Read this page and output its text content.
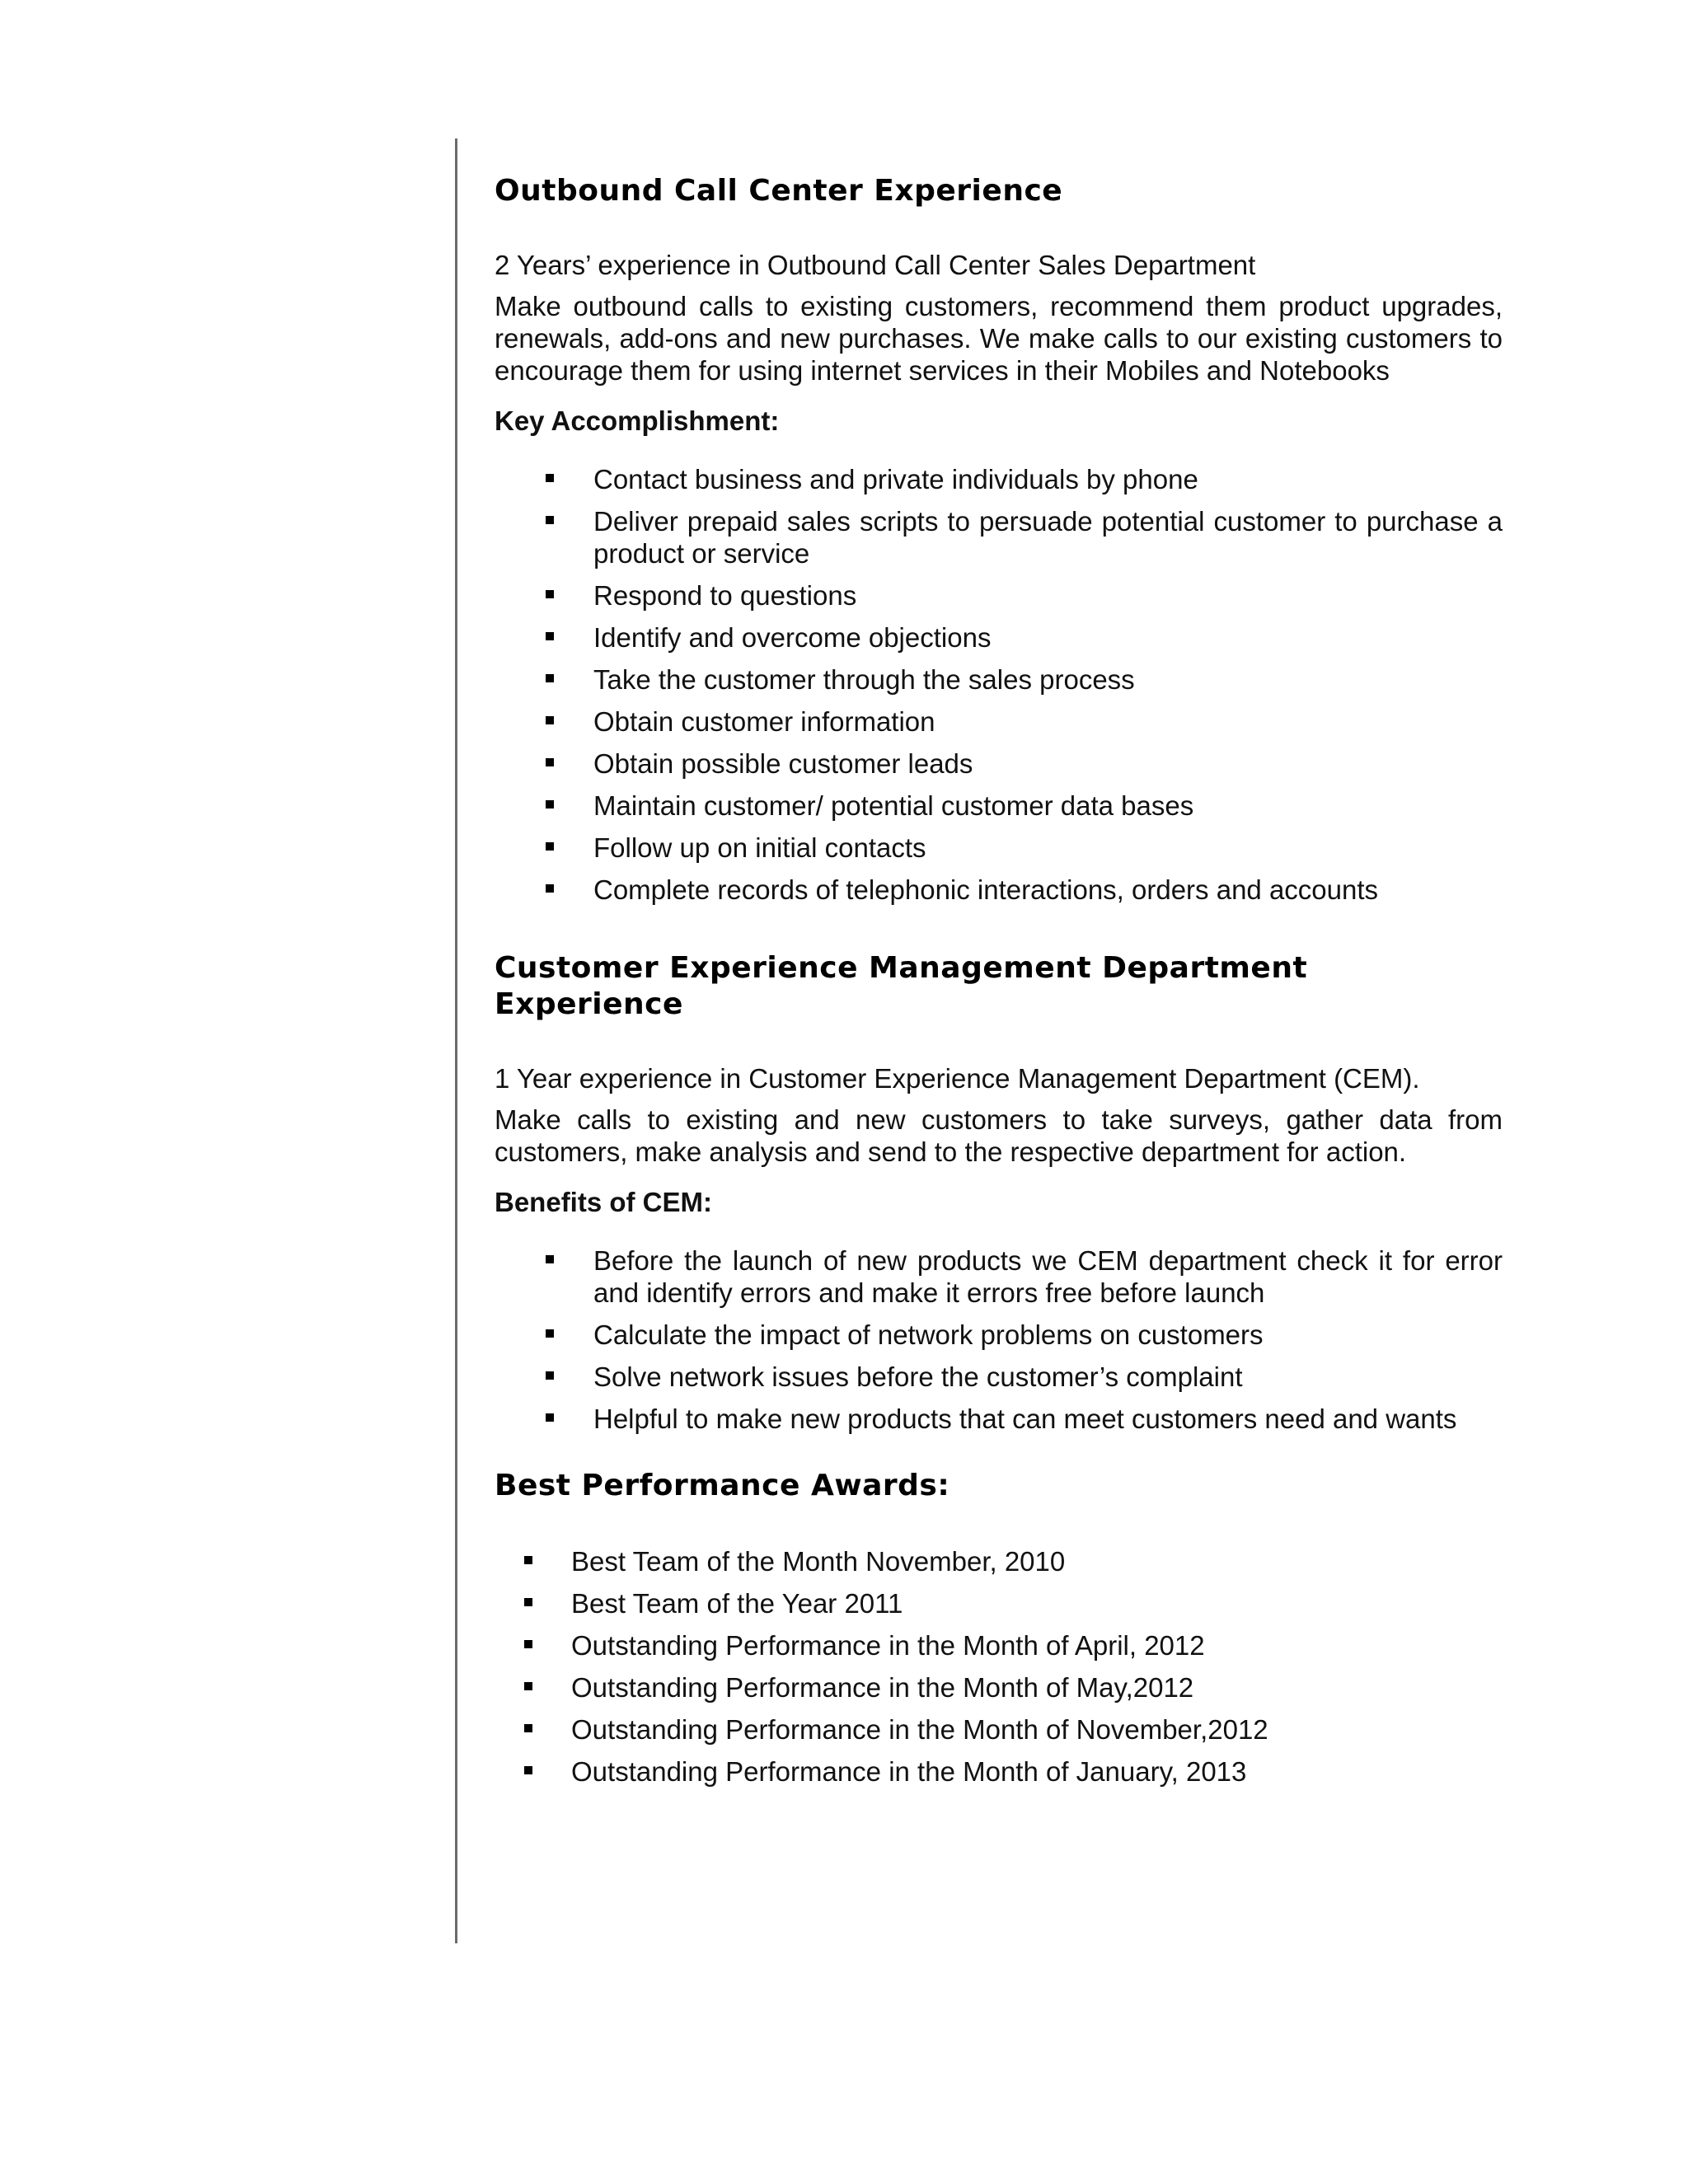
Outbound Call Center Experience

2 Years’ experience in Outbound Call Center Sales Department

Make outbound calls to existing customers, recommend them product upgrades, renewals, add-ons and new purchases. We make calls to our existing customers to encourage them for using internet services in their Mobiles and Notebooks

Key Accomplishment:

Contact business and private individuals by phone
Deliver prepaid sales scripts to persuade potential customer to purchase a product or service
Respond to questions
Identify and overcome objections
Take the customer through the sales process
Obtain customer information
Obtain possible customer leads
Maintain customer/ potential customer data bases
Follow up on initial contacts
Complete records of telephonic interactions, orders and accounts
Customer Experience Management Department Experience

1 Year experience in Customer Experience Management Department (CEM).

Make calls to existing and new customers to take surveys, gather data from customers, make analysis and send to the respective department for action.

Benefits of CEM:

Before the launch of new products we CEM department check it for error and identify errors and make it errors free before launch
Calculate the impact of network problems on customers
Solve network issues before the customer’s complaint
Helpful to make new products that can meet customers need and wants
Best Performance Awards:
Best Team of the Month November, 2010
Best Team of the Year 2011
Outstanding Performance in the Month of April, 2012
Outstanding Performance in the Month of May,2012
Outstanding Performance in the Month of November,2012
Outstanding Performance in the Month of January, 2013
